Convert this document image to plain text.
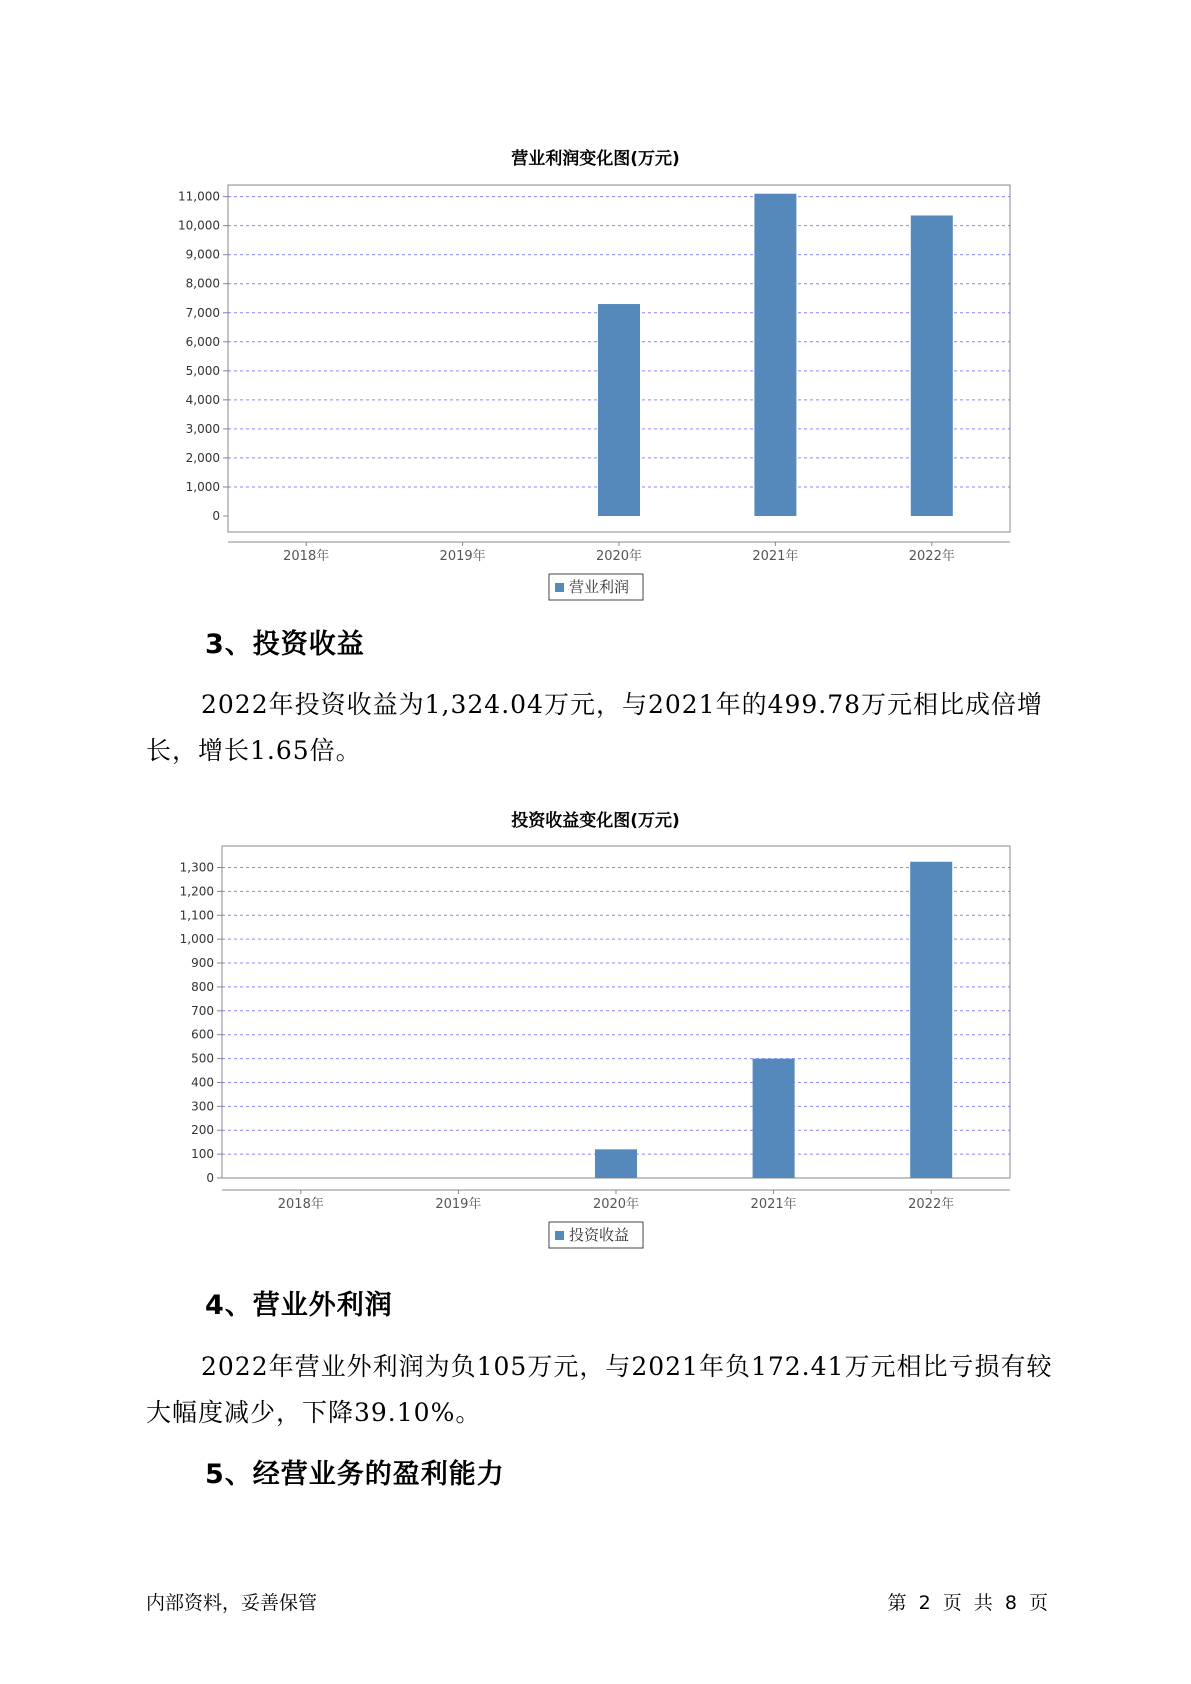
营业利润变化图(万元)
0
1,000
2,000
3,000
4,000
5,000
6,000
7,000
8,000
9,000
10,000
11,000
2018年	2019年	2020年	2021年	2022年
营业利润
3、投资收益
2022年投资收益为1,324.04万元，与2021年的499.78万元相比成倍增长，增长1.65倍。
投资收益变化图(万元)
0
100
200
300
400
500
600
700
800
900
1,000
1,100
1,200
1,300
2018年	2019年	2020年	2021年	2022年
投资收益
4、营业外利润
2022年营业外利润为负105万元，与2021年负172.41万元相比亏损有较大幅度减少，下降39.10%。
5、经营业务的盈利能力
内部资料，妥善保管	第 2 页  共 8 页
